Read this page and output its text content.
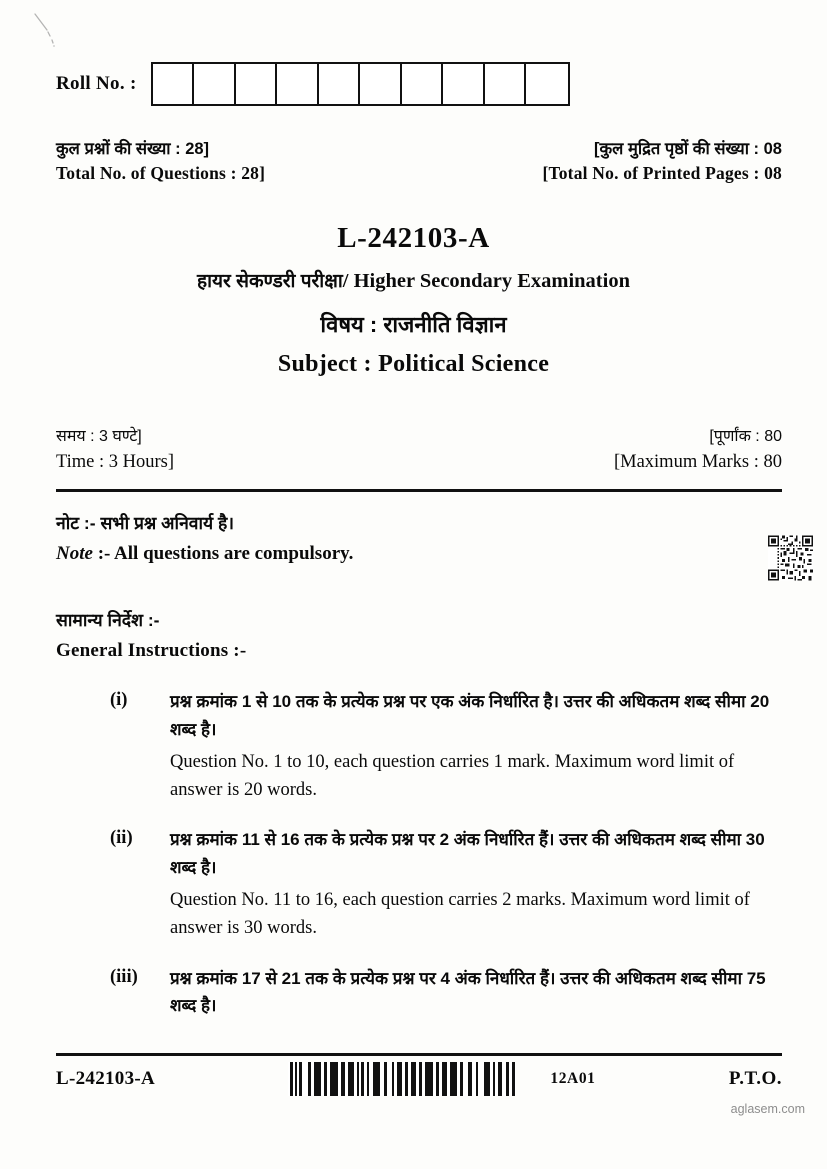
Roll No. :
कुल प्रश्नों की संख्या : 28]
Total No. of Questions : 28]
[कुल मुद्रित पृष्ठों की संख्या : 08
[Total No. of Printed Pages : 08
L-242103-A
हायर सेकण्डरी परीक्षा/ Higher Secondary Examination
विषय : राजनीति विज्ञान
Subject : Political Science
समय : 3 घण्टे]
Time : 3 Hours]
[पूर्णांक : 80
[Maximum Marks : 80
नोट :- सभी प्रश्न अनिवार्य है।
Note :- All questions are compulsory.
सामान्य निर्देश :-
General Instructions :-
(i)	प्रश्न क्रमांक 1 से 10 तक के प्रत्येक प्रश्न पर एक अंक निर्धारित है। उत्तर की अधिकतम शब्द सीमा 20 शब्द है।
Question No. 1 to 10, each question carries 1 mark. Maximum word limit of answer is 20 words.
(ii)	प्रश्न क्रमांक 11 से 16 तक के प्रत्येक प्रश्न पर 2 अंक निर्धारित हैं। उत्तर की अधिकतम शब्द सीमा 30 शब्द है।
Question No. 11 to 16, each question carries 2 marks. Maximum word limit of answer is 30 words.
(iii)	प्रश्न क्रमांक 17 से 21 तक के प्रत्येक प्रश्न पर 4 अंक निर्धारित हैं। उत्तर की अधिकतम शब्द सीमा 75 शब्द है।
L-242103-A	12A01	P.T.O.
aglasem.com
